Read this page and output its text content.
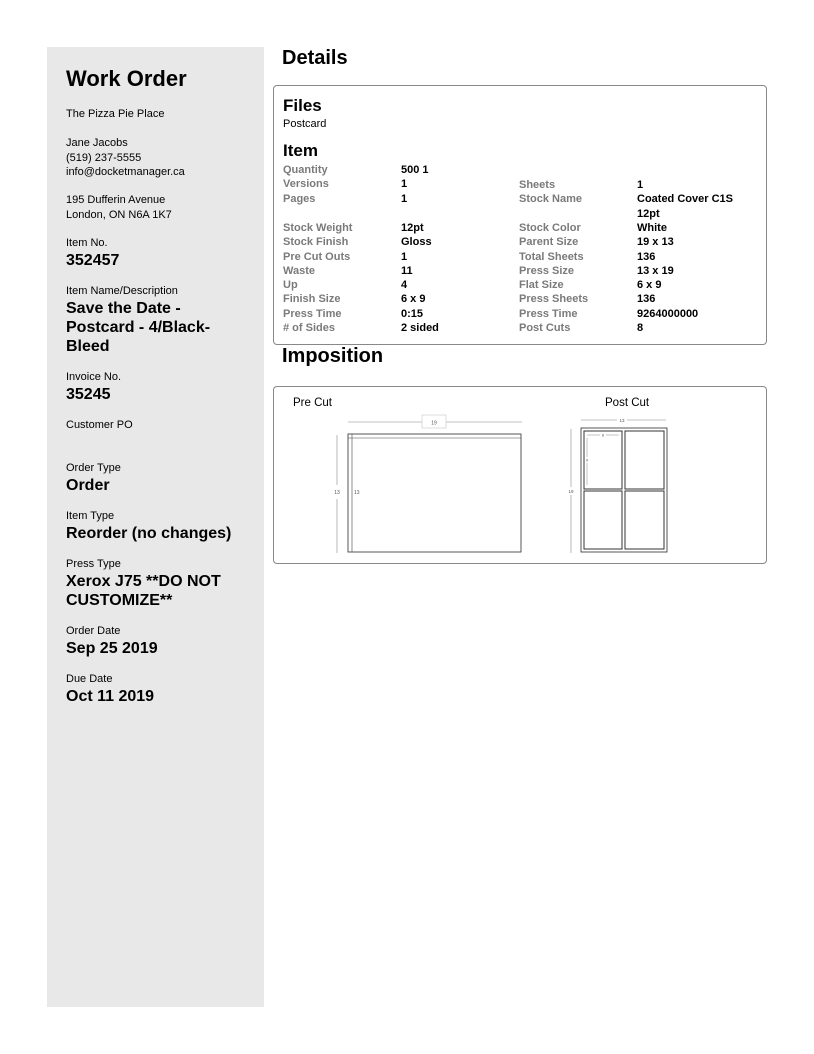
Work Order
The Pizza Pie Place
Jane Jacobs
(519) 237-5555
info@docketmanager.ca
195 Dufferin Avenue
London, ON N6A 1K7
Item No.
352457
Item Name/Description
Save the Date -
Postcard - 4/Black-
Bleed
Invoice No.
35245
Customer PO
Order Type
Order
Item Type
Reorder (no changes)
Press Type
Xerox J75 **DO NOT
CUSTOMIZE**
Order Date
Sep 25 2019
Due Date
Oct 11 2019
Details
Files
Postcard
Item
Quantity
Versions
Pages
Stock Weight
Stock Finish
Pre Cut Outs
Waste
Up
Finish Size
Press Time
# of Sides
500 1
1
1
12pt
Gloss
1
11
4
6 x 9
0:15
2 sided
Sheets
Stock Name
Stock Color
Parent Size
Total Sheets
Press Size
Flat Size
Press Sheets
Press Time
Post Cuts
1
Coated Cover C1S
12pt
White
19 x 13
136
13 x 19
6 x 9
136
9264000000
8
Imposition
Pre Cut	Post Cut
19
13	13
13
19
6
9
